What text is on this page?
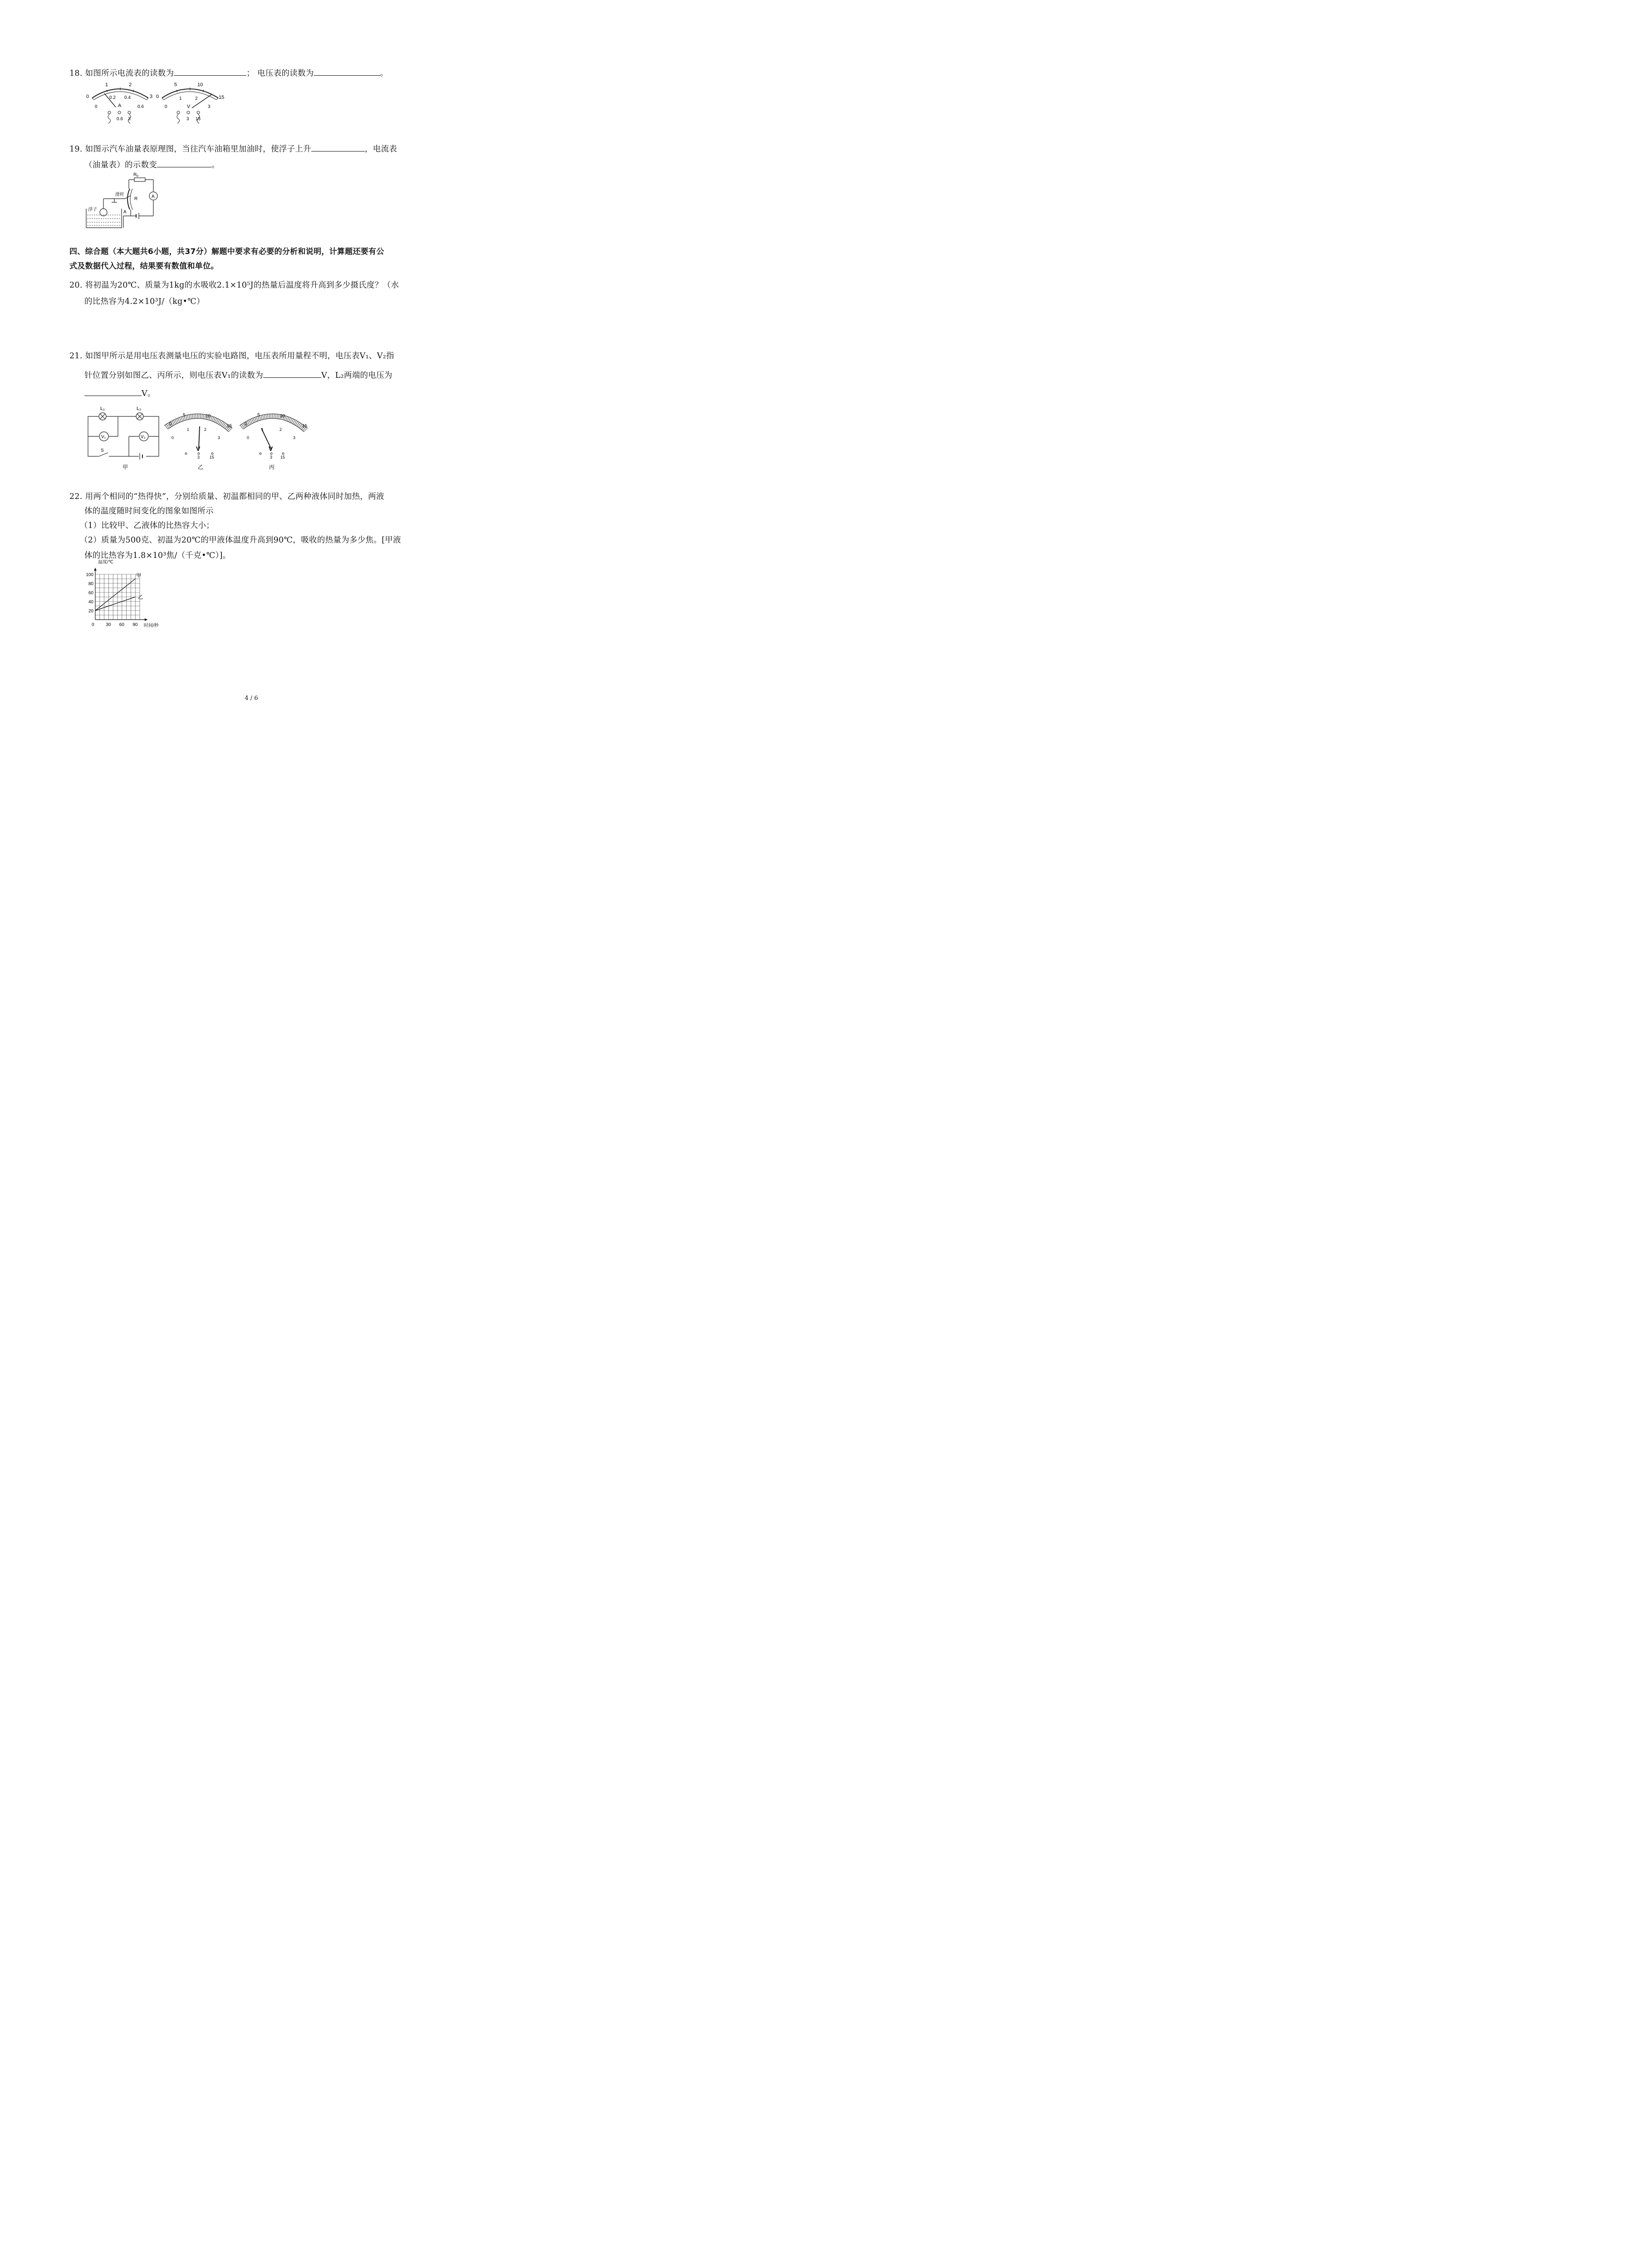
18. 如图所示电流表的读数为	； 电压表的读数为	。
0
1	2
3
0
0.2 0.4
0.6
A
0.6 3
0
5	10
15
0
1	2
3
V
3 15
19. 如图示汽车油量表原理图，当往汽车油箱里加油时，使浮子上升	，电流表
（油量表）的示数变	。
R 0
滑杆
R	A
浮子	A
四、综合题（本大题共6小题，共37分）解题中要求有必要的分析和说明，计算题还要有公
式及数据代入过程，结果要有数值和单位。
20. 将初温为20℃、质量为1kg的水吸收2.1×10⁵J的热量后温度将升高到多少摄氏度？（水
的比热容为4.2×10³J/（kg•℃）
21. 如图甲所示是用电压表测量电压的实验电路图，电压表所用量程不明，电压表V₁、V₂指
针位置分别如图乙、丙所示，则电压表V₁的读数为	V，L₂两端的电压为
V。
L₁	L₂
V₁	V₂
S
甲
0
5	10
15
0
1	2
3
V
3 15
乙
0
5	10
15
0
1	2
3
V
3 15
丙
22. 用两个相同的“热得快”，分别给质量、初温都相同的甲、乙两种液体同时加热，两液
体的温度随时间变化的图象如图所示
（1）比较甲、乙液体的比热容大小；
（2）质量为500克、初温为20℃的甲液体温度升高到90℃，吸收的热量为多少焦。[甲液
体的比热容为1.8×10³焦/（千克•℃）]。
甲
乙
30 60 90
20
40
60
80
100
0
温度/℃
时间/秒
4 / 6
